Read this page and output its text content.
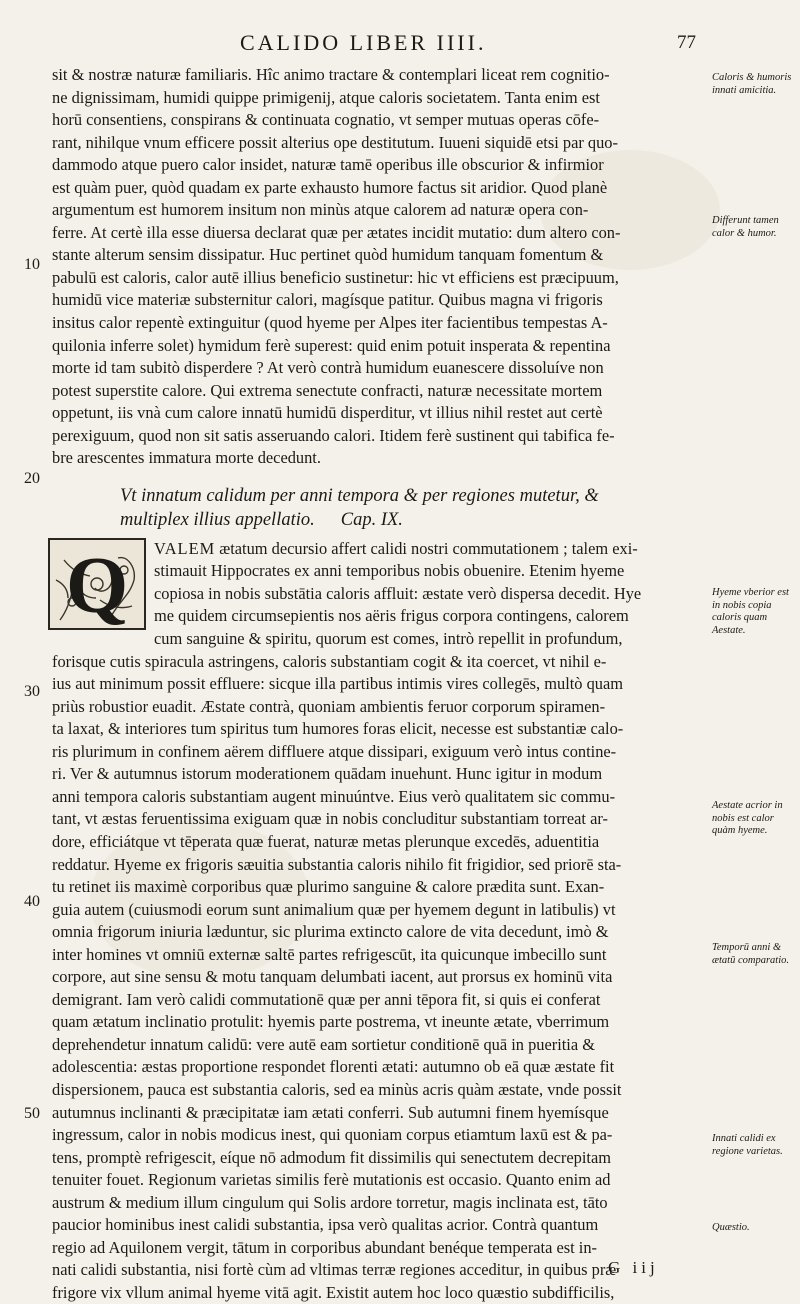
CALIDO LIBER IIII.	77

sit & nostræ naturæ familiaris. Hîc animo tractare & contemplari liceat rem cognitio-
ne dignissimam, humidi quippe primigenij, atque caloris societatem. Tanta enim est
horū consentiens, conspirans & continuata cognatio, vt semper mutuas operas cōfe-
rant, nihilque vnum efficere possit alterius ope destitutum. Iuueni siquidē etsi par quo-
dammodo atque puero calor insidet, naturæ tamē operibus ille obscurior & infirmior
est quàm puer, quòd quadam ex parte exhausto humore factus sit aridior. Quod planè
argumentum est humorem insitum non minùs atque calorem ad naturæ opera con-
ferre. At certè illa esse diuersa declarat quæ per ætates incidit mutatio: dum altero con-
stante alterum sensim dissipatur. Huc pertinet quòd humidum tanquam fomentum &
pabulū est caloris, calor autē illius beneficio sustinetur: hic vt efficiens est præcipuum,
humidū vice materiæ substernitur calori, magísque patitur. Quibus magna vi frigoris
insitus calor repentè extinguitur (quod hyeme per Alpes iter facientibus tempestas A-
quilonia inferre solet) hymidum ferè superest: quid enim potuit insperata & repentina
morte id tam subitò disperdere ? At verò contrà humidum euanescere dissoluíve non
potest superstite calore. Qui extrema senectute confracti, naturæ necessitate mortem
oppetunt, iis vnà cum calore innatū humidū disperditur, vt illius nihil restet aut certè
perexiguum, quod non sit satis asseruando calori. Itidem ferè sustinent qui tabifica fe-
bre arescentes immatura morte decedunt.

Vt innatum calidum per anni tempora & per regiones mutetur, &
multiplex illius appellatio. Cap. IX.
Q	VALEM ætatum decursio affert calidi nostri commutationem ; talem exi-
stimauit Hippocrates ex anni temporibus nobis obuenire. Etenim hyeme
copiosa in nobis substātia caloris affluit: æstate verò dispersa decedit. Hye
me quidem circumsepientis nos aëris frigus corpora contingens, calorem
cum sanguine & spiritu, quorum est comes, intrò repellit in profundum,
forisque cutis spiracula astringens, caloris substantiam cogit & ita coercet, vt nihil e-
ius aut minimum possit effluere: sicque illa partibus intimis vires collegēs, multò quam
priùs robustior euadit. Æstate contrà, quoniam ambientis feruor corporum spiramen-
ta laxat, & interiores tum spiritus tum humores foras elicit, necesse est substantiæ calo-
ris plurimum in confinem aërem diffluere atque dissipari, exiguum verò intus contine-
ri. Ver & autumnus istorum moderationem quādam inuehunt. Hunc igitur in modum
anni tempora caloris substantiam augent minuúntve. Eius verò qualitatem sic commu-
tant, vt æstas feruentissima exiguam quæ in nobis concluditur substantiam torreat ar-
dore, efficiátque vt tēperata quæ fuerat, naturæ metas plerunque excedēs, aduentitia
reddatur. Hyeme ex frigoris sæuitia substantia caloris nihilo fit frigidior, sed priorē sta-
tu retinet iis maximè corporibus quæ plurimo sanguine & calore prædita sunt. Exan-
guia autem (cuiusmodi eorum sunt animalium quæ per hyemem degunt in latibulis) vt
omnia frigorum iniuria læduntur, sic plurima extincto calore de vita decedunt, imò &
inter homines vt omniū externæ saltē partes refrigescūt, ita quicunque imbecillo sunt
corpore, aut sine sensu & motu tanquam delumbati iacent, aut prorsus ex hominū vita
demigrant. Iam verò calidi commutationē quæ per anni tēpora fit, si quis ei conferat
quam ætatum inclinatio protulit: hyemis parte postrema, vt ineunte ætate, vberrimum
deprehendetur innatum calidū: vere autē eam sortietur conditionē quā in pueritia &
adolescentia: æstas proportione respondet florenti ætati: autumno ob eā quæ æstate fit
dispersionem, pauca est substantia caloris, sed ea minùs acris quàm æstate, vnde possit
autumnus inclinanti & præcipitatæ iam ætati conferri. Sub autumni finem hyemísque
ingressum, calor in nobis modicus inest, qui quoniam corpus etiamtum laxū est & pa-
tens, promptè refrigescit, eíque nō admodum fit dissimilis qui senectutem decrepitam
tenuiter fouet. Regionum varietas similis ferè mutationis est occasio. Quanto enim ad
austrum & medium illum cingulum qui Solis ardore torretur, magis inclinata est, tāto
paucior hominibus inest calidi substantia, ipsa verò qualitas acrior. Contrà quantum
regio ad Aquilonem vergit, tātum in corporibus abundant benéque temperata est in-
nati calidi substantia, nisi fortè cùm ad vltimas terræ regiones acceditur, in quibus præ
frigore vix vllum animal hyeme vitā agit. Existit autem hoc loco quæstio subdifficilis,

10
20
30
40
50
Caloris & humoris innati amicitia.
Differunt tamen calor & humor.
Hyeme vberior est in nobis copia caloris quam Aestate.
Aestate acrior in nobis est calor quàm hyeme.
Temporū anni & ætatū comparatio.
Innati calidi ex regione varietas.
Quæstio.
G iij
